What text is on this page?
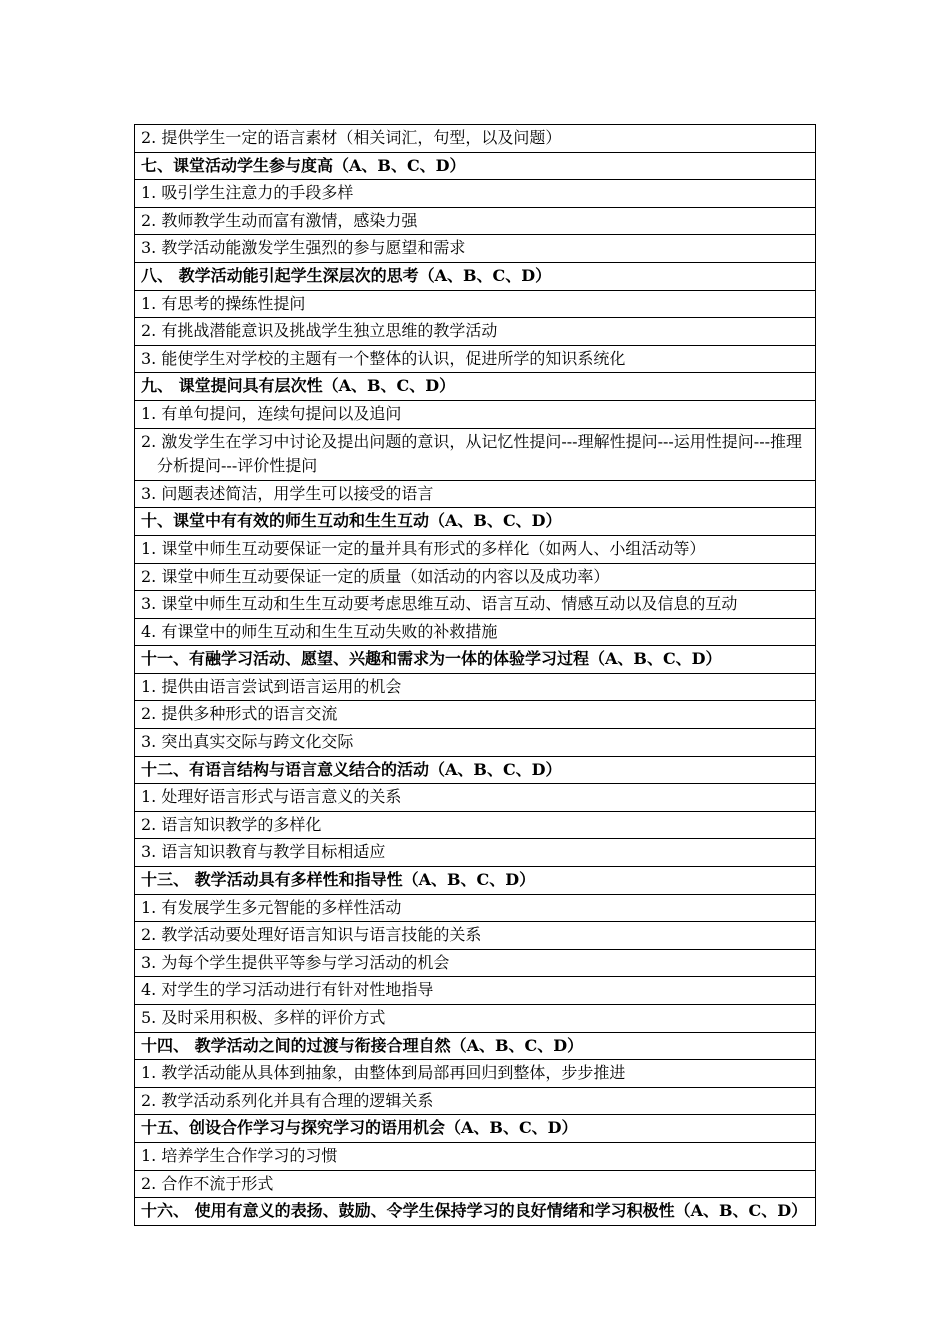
2. 提供学生一定的语言素材（相关词汇，句型，以及问题）
七、课堂活动学生参与度高（A、B、C、D）
1. 吸引学生注意力的手段多样
2. 教师教学生动而富有激情，感染力强
3. 教学活动能激发学生强烈的参与愿望和需求
八、 教学活动能引起学生深层次的思考（A、B、C、D）
1. 有思考的操练性提问
2. 有挑战潜能意识及挑战学生独立思维的教学活动
3. 能使学生对学校的主题有一个整体的认识，促进所学的知识系统化
九、 课堂提问具有层次性（A、B、C、D）
1. 有单句提问，连续句提问以及追问
2. 激发学生在学习中讨论及提出问题的意识，从记忆性提问---理解性提问---运用性提问---推理分析提问---评价性提问
3. 问题表述简洁，用学生可以接受的语言
十、课堂中有有效的师生互动和生生互动（A、B、C、D）
1. 课堂中师生互动要保证一定的量并具有形式的多样化（如两人、小组活动等）
2. 课堂中师生互动要保证一定的质量（如活动的内容以及成功率）
3. 课堂中师生互动和生生互动要考虑思维互动、语言互动、情感互动以及信息的互动
4. 有课堂中的师生互动和生生互动失败的补救措施
十一、有融学习活动、愿望、兴趣和需求为一体的体验学习过程（A、B、C、D）
1. 提供由语言尝试到语言运用的机会
2. 提供多种形式的语言交流
3. 突出真实交际与跨文化交际
十二、有语言结构与语言意义结合的活动（A、B、C、D）
1. 处理好语言形式与语言意义的关系
2. 语言知识教学的多样化
3. 语言知识教育与教学目标相适应
十三、 教学活动具有多样性和指导性（A、B、C、D）
1. 有发展学生多元智能的多样性活动
2. 教学活动要处理好语言知识与语言技能的关系
3. 为每个学生提供平等参与学习活动的机会
4. 对学生的学习活动进行有针对性地指导
5. 及时采用积极、多样的评价方式
十四、 教学活动之间的过渡与衔接合理自然（A、B、C、D）
1. 教学活动能从具体到抽象，由整体到局部再回归到整体，步步推进
2. 教学活动系列化并具有合理的逻辑关系
十五、创设合作学习与探究学习的语用机会（A、B、C、D）
1. 培养学生合作学习的习惯
2. 合作不流于形式
十六、 使用有意义的表扬、鼓励、令学生保持学习的良好情绪和学习积极性（A、B、C、D）
